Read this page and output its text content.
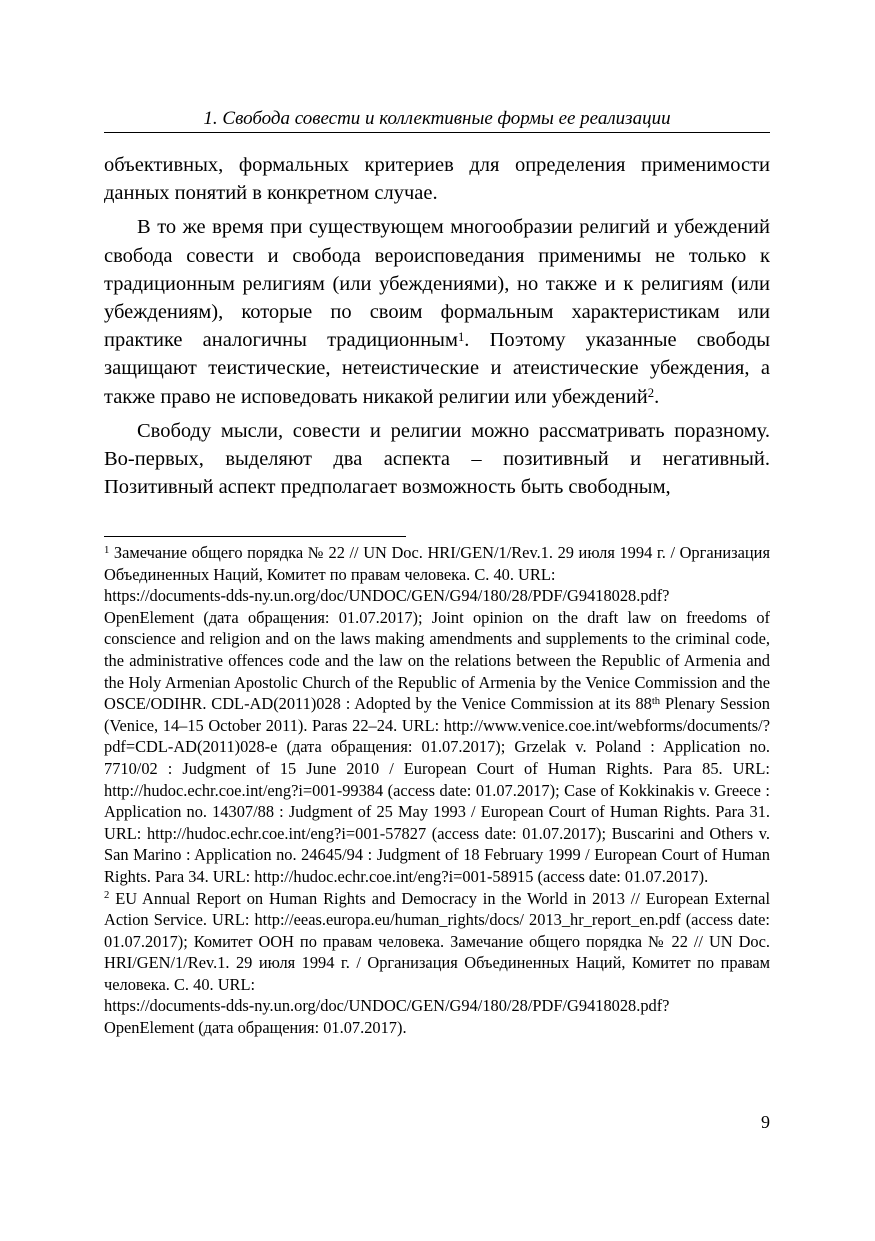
1. Свобода совести и коллективные формы ее реализации

объективных, формальных критериев для определения применимости данных понятий в конкретном случае.

В то же время при существующем многообразии религий и убеждений свобода совести и свобода вероисповедания применимы не только к традиционным религиям (или убеждениями), но также и к религиям (или убеждениям), которые по своим формальным характеристикам или практике аналогичны традиционным$^1$. Поэтому указанные свободы защищают теистические, нетеистические и атеистические убеждения, а также право не исповедовать никакой религии или убеждений$^2$.

Свободу мысли, совести и религии можно рассматривать поразному. Во-первых, выделяют два аспекта – позитивный и негативный. Позитивный аспект предполагает возможность быть свободным,

$^1$ Замечание общего порядка № 22 // UN Doc. HRI/GEN/1/Rev.1. 29 июля 1994 г. / Организация Объединенных Наций, Комитет по правам человека. С. 40. URL:

https://documents-dds-ny.un.org/doc/UNDOC/GEN/G94/180/28/PDF/G9418028.pdf?

OpenElement (дата обращения: 01.07.2017); Joint opinion on the draft law on freedoms of conscience and religion and on the laws making amendments and supplements to the criminal code, the administrative offences code and the law on the relations between the Republic of Armenia and the Holy Armenian Apostolic Church of the Republic of Armenia by the Venice Commission and the OSCE/ODIHR. CDL-AD(2011)028 : Adopted by the Venice Commission at its 88th Plenary Session (Venice, 14–15 October 2011). Paras 22–24. URL: http://www.venice.coe.int/webforms/documents/?pdf=CDL-AD(2011)028-e (дата обращения: 01.07.2017); Grzelak v. Poland : Application no. 7710/02 : Judgment of 15 June 2010 / European Court of Human Rights. Para 85. URL: http://hudoc.echr.coe.int/eng?i=001-99384 (access date: 01.07.2017); Case of Kokkinakis v. Greece : Application no. 14307/88 : Judgment of 25 May 1993 / European Court of Human Rights. Para 31. URL: http://hudoc.echr.coe.int/eng?i=001-57827 (access date: 01.07.2017); Buscarini and Others v. San Marino : Application no. 24645/94 : Judgment of 18 February 1999 / European Court of Human Rights. Para 34. URL: http://hudoc.echr.coe.int/eng?i=001-58915 (access date: 01.07.2017).

$^2$ EU Annual Report on Human Rights and Democracy in the World in 2013 // European External Action Service. URL: http://eeas.europa.eu/human_rights/docs/ 2013_hr_report_en.pdf (access date: 01.07.2017); Комитет ООН по правам человека. Замечание общего порядка № 22 // UN Doc. HRI/GEN/1/Rev.1. 29 июля 1994 г. / Организация Объединенных Наций, Комитет по правам человека. С. 40. URL:

https://documents-dds-ny.un.org/doc/UNDOC/GEN/G94/180/28/PDF/G9418028.pdf?

OpenElement (дата обращения: 01.07.2017).

9
